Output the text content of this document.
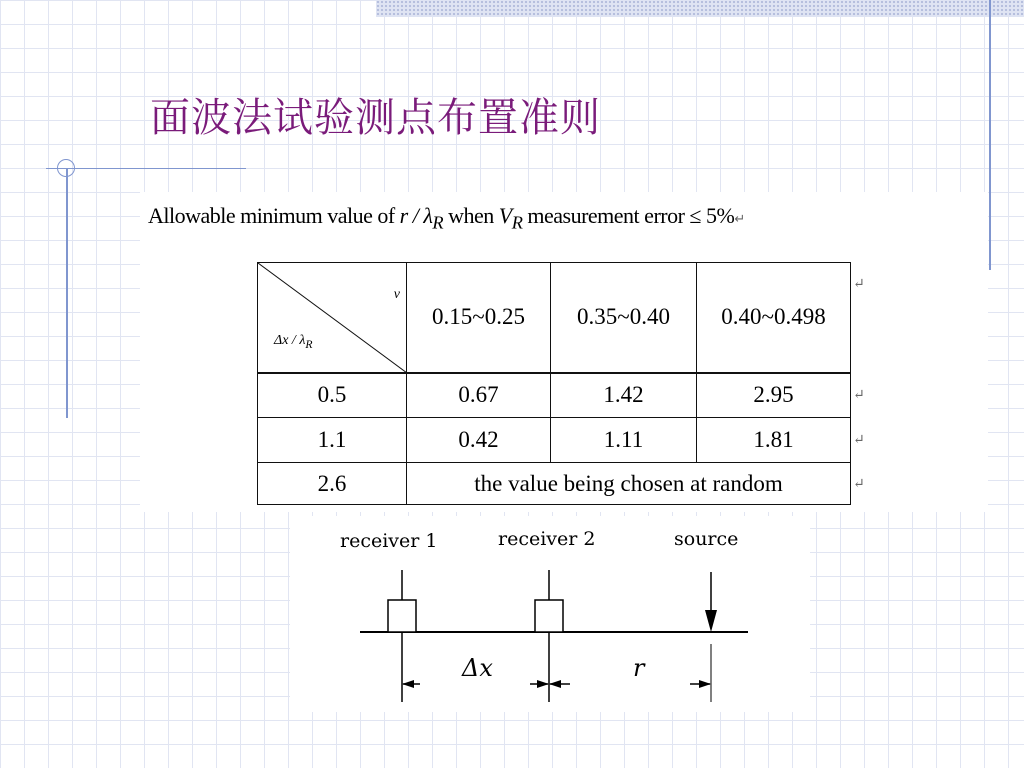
面波法试验测点布置准则
Allowable minimum value of r / $\lambda_R$ when $V_R$ measurement error ≤ 5%↵
ν
Δx / $\lambda_R$	0.15~0.25	0.35~0.40	0.40~0.498
0.5	0.67	1.42	2.95
1.1	0.42	1.11	1.81
2.6	the value being chosen at random		
↵
↵
↵
↵
receiver 1	receiver 2	source
Δx	r
